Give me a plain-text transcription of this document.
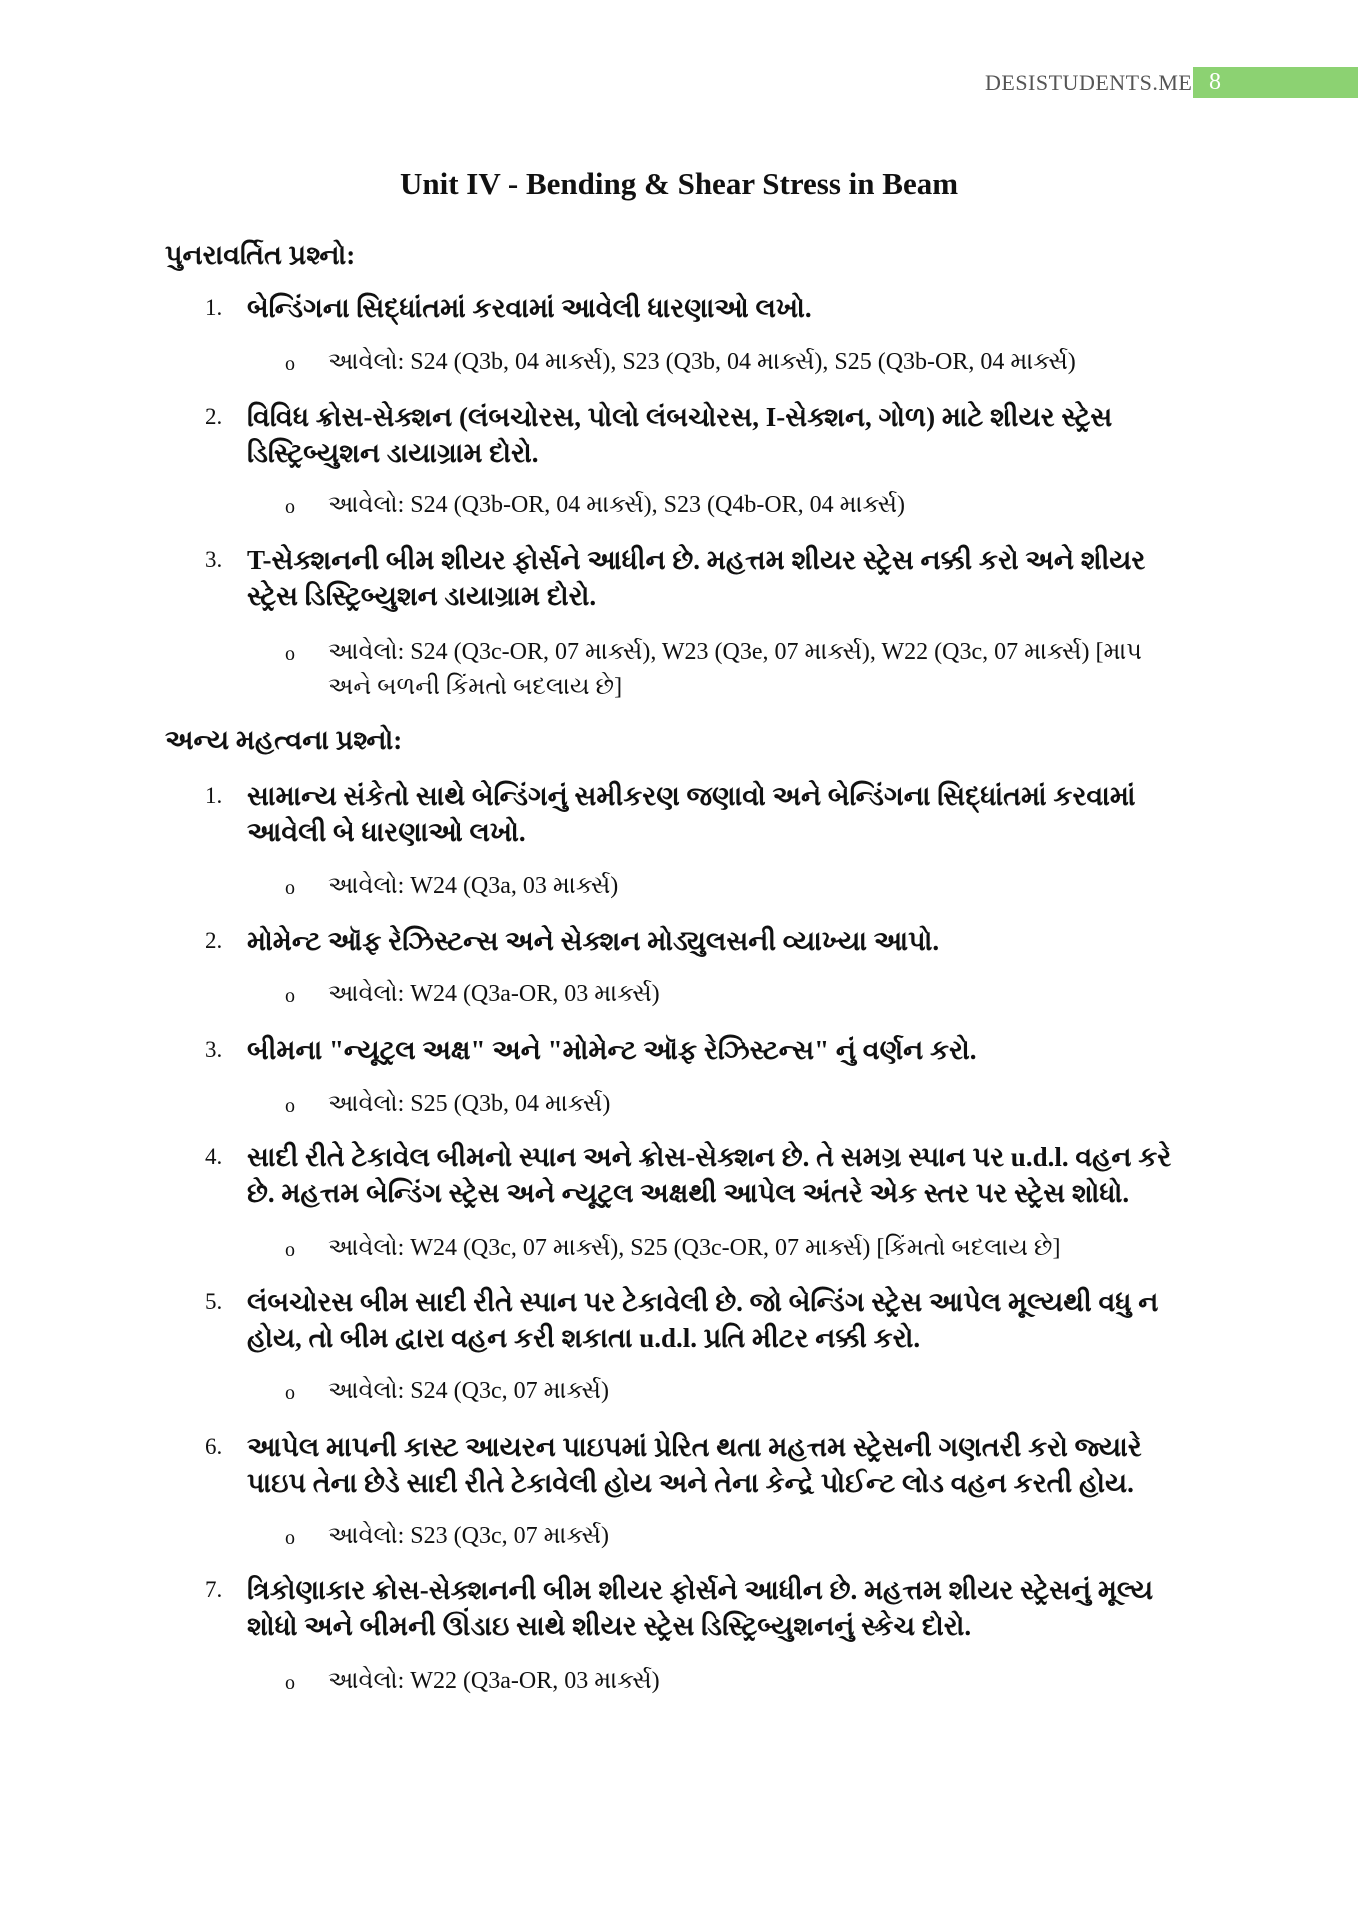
DESISTUDENTS.ME 8
Unit IV - Bending & Shear Stress in Beam
પુનરાવર્તિત પ્રશ્નો:
1. બેન્ડિંગના સિદ્ધાંતમાં કરવામાં આવેલી ધારણાઓ લખો.
o આવેલો: S24 (Q3b, 04 માર્ક્સ), S23 (Q3b, 04 માર્ક્સ), S25 (Q3b-OR, 04 માર્ક્સ)
2. વિવિધ ક્રોસ-સેક્શન (લંબચોરસ, પોલો લંબચોરસ, I-સેક્શન, ગોળ) માટે શીયર સ્ટ્રેસ ડિસ્ટ્રિબ્યુશન ડાયાગ્રામ દોરો.
o આવેલો: S24 (Q3b-OR, 04 માર્ક્સ), S23 (Q4b-OR, 04 માર્ક્સ)
3. T-સેક્શનની બીમ શીયર ફોર્સને આધીન છે. મહત્તમ શીયર સ્ટ્રેસ નક્કી કરો અને શીયર સ્ટ્રેસ ડિસ્ટ્રિબ્યુશન ડાયાગ્રામ દોરો.
o આવેલો: S24 (Q3c-OR, 07 માર્ક્સ), W23 (Q3e, 07 માર્ક્સ), W22 (Q3c, 07 માર્ક્સ) [માપ અને બળની કિંમતો બદલાય છે]
અન્ય મહત્વના પ્રશ્નો:
1. સામાન્ય સંકેતો સાથે બેન્ડિંગનું સમીકરણ જણાવો અને બેન્ડિંગના સિદ્ધાંતમાં કરવામાં આવેલી બે ધારણાઓ લખો.
o આવેલો: W24 (Q3a, 03 માર્ક્સ)
2. મોમેન્ટ ઑફ રેઝિસ્ટન્સ અને સેક્શન મોડ્યુલસની વ્યાખ્યા આપો.
o આવેલો: W24 (Q3a-OR, 03 માર્ક્સ)
3. બીમના "ન્યૂટ્રલ અક્ષ" અને "મોમેન્ટ ઑફ રેઝિસ્ટન્સ" નું વર્ણન કરો.
o આવેલો: S25 (Q3b, 04 માર્ક્સ)
4. સાદી રીતે ટેકાવેલ બીમનો સ્પાન અને ક્રોસ-સેક્શન છે. તે સમગ્ર સ્પાન પર u.d.l. વહન કરે છે. મહત્તમ બેન્ડિંગ સ્ટ્રેસ અને ન્યૂટ્રલ અક્ષથી આપેલ અંતરે એક સ્તર પર સ્ટ્રેસ શોધો.
o આવેલો: W24 (Q3c, 07 માર્ક્સ), S25 (Q3c-OR, 07 માર્ક્સ) [કિંમતો બદલાય છે]
5. લંબચોરસ બીમ સાદી રીતે સ્પાન પર ટેકાવેલી છે. જો બેન્ડિંગ સ્ટ્રેસ આપેલ મૂલ્યથી વધુ ન હોય, તો બીમ દ્વારા વહન કરી શકાતા u.d.l. પ્રતિ મીટર નક્કી કરો.
o આવેલો: S24 (Q3c, 07 માર્ક્સ)
6. આપેલ માપની કાસ્ટ આયરન પાઇપમાં પ્રેરિત થતા મહત્તમ સ્ટ્રેસની ગણતરી કરો જ્યારે પાઇપ તેના છેડે સાદી રીતે ટેકાવેલી હોય અને તેના કેન્દ્રે પોઈન્ટ લોડ વહન કરતી હોય.
o આવેલો: S23 (Q3c, 07 માર્ક્સ)
7. ત્રિકોણાકાર ક્રોસ-સેક્શનની બીમ શીયર ફોર્સને આધીન છે. મહત્તમ શીયર સ્ટ્રેસનું મૂલ્ય શોધો અને બીમની ઊંડાઇ સાથે શીયર સ્ટ્રેસ ડિસ્ટ્રિબ્યુશનનું સ્કેચ દોરો.
o આવેલો: W22 (Q3a-OR, 03 માર્ક્સ)
